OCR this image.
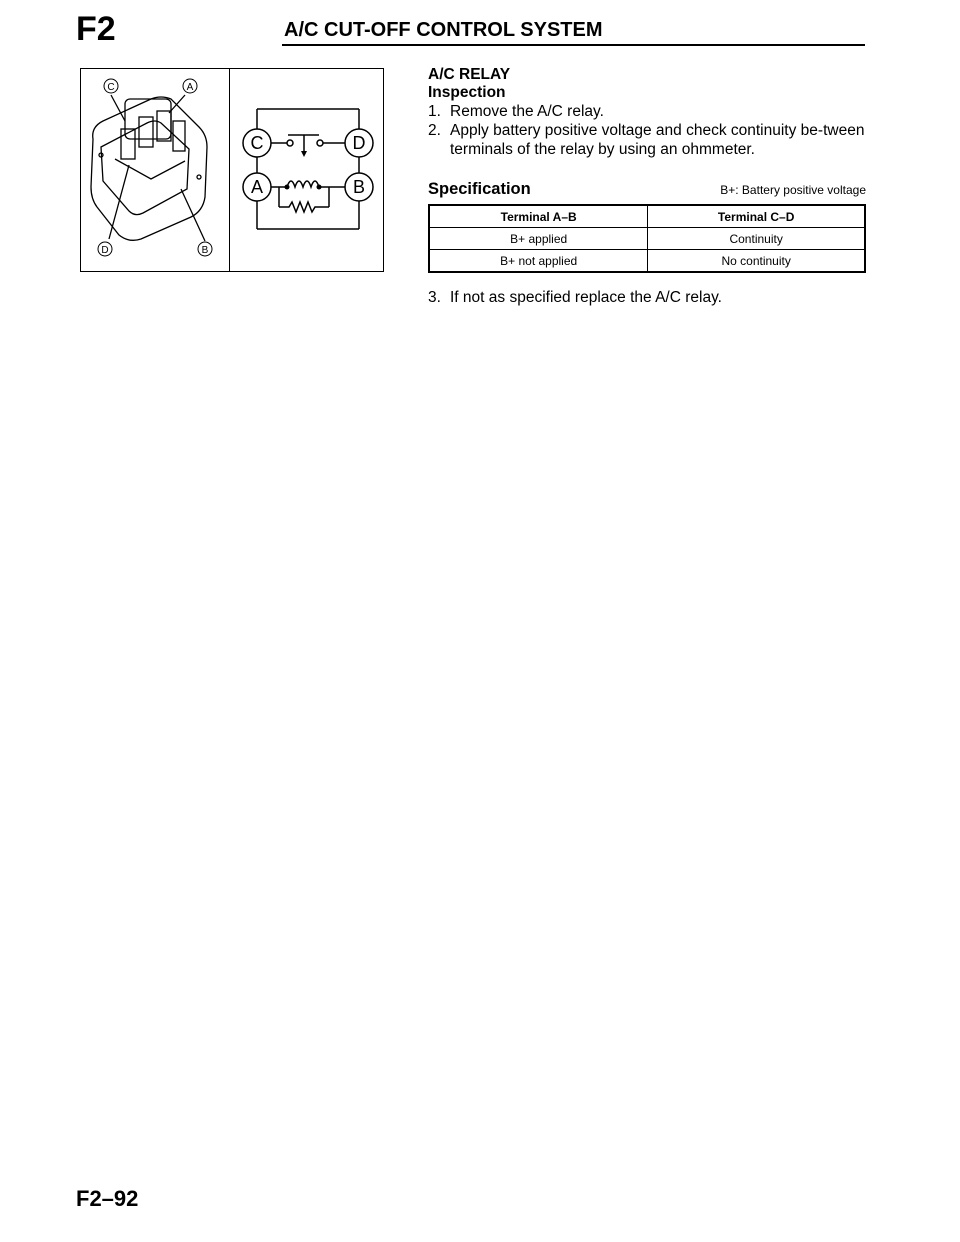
F2	A/C CUT-OFF CONTROL SYSTEM
C	A
D	B
C	D
A	B
A/C RELAY
Inspection
1. Remove the A/C relay.
2. Apply battery positive voltage and check continuity be-tween terminals of the relay by using an ohmmeter.
Specification	B+: Battery positive voltage
Terminal A–B	Terminal C–D
B+ applied	Continuity
B+ not applied	No continuity
3. If not as specified replace the A/C relay.
F2–92
